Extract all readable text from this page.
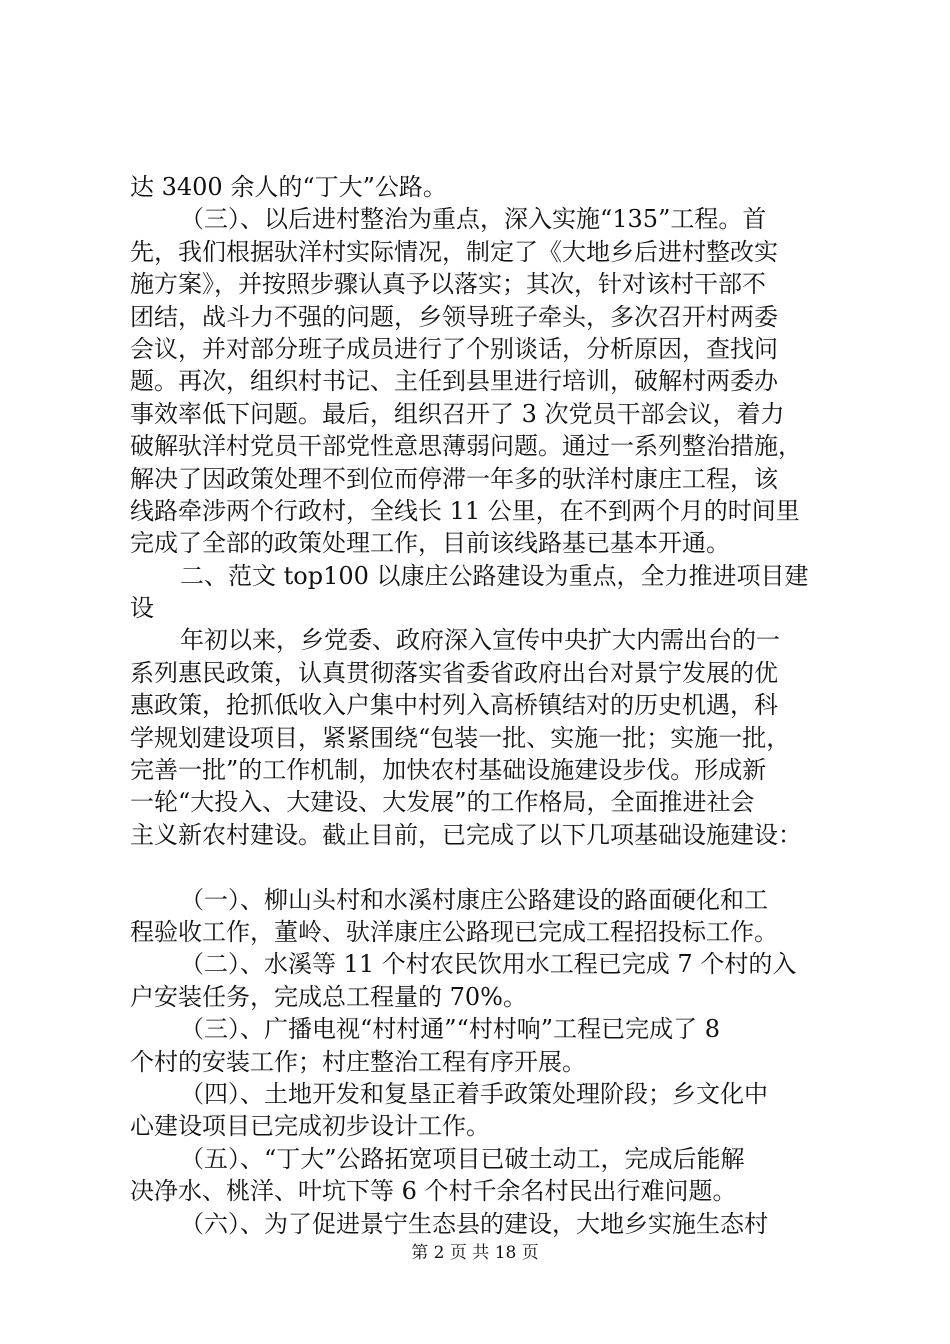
达 3400 余人的“丁大”公路。
（三）、以后进村整治为重点，深入实施“135”工程。首
先，我们根据驮洋村实际情况，制定了《大地乡后进村整改实
施方案》，并按照步骤认真予以落实；其次，针对该村干部不
团结，战斗力不强的问题，乡领导班子牵头，多次召开村两委
会议，并对部分班子成员进行了个别谈话，分析原因，查找问
题。再次，组织村书记、主任到县里进行培训，破解村两委办
事效率低下问题。最后，组织召开了 3 次党员干部会议，着力
破解驮洋村党员干部党性意思薄弱问题。通过一系列整治措施，
解决了因政策处理不到位而停滞一年多的驮洋村康庄工程，该
线路牵涉两个行政村，全线长 11 公里，在不到两个月的时间里
完成了全部的政策处理工作，目前该线路基已基本开通。
二、范文 top100 以康庄公路建设为重点，全力推进项目建
设
年初以来，乡党委、政府深入宣传中央扩大内需出台的一
系列惠民政策，认真贯彻落实省委省政府出台对景宁发展的优
惠政策，抢抓低收入户集中村列入高桥镇结对的历史机遇，科
学规划建设项目，紧紧围绕“包装一批、实施一批；实施一批，
完善一批”的工作机制，加快农村基础设施建设步伐。形成新
一轮“大投入、大建设、大发展”的工作格局，全面推进社会
主义新农村建设。截止目前，已完成了以下几项基础设施建设：
（一）、柳山头村和水溪村康庄公路建设的路面硬化和工
程验收工作，董岭、驮洋康庄公路现已完成工程招投标工作。
（二）、水溪等 11 个村农民饮用水工程已完成 7 个村的入
户安装任务，完成总工程量的 70%。
（三）、广播电视“村村通”“村村响”工程已完成了 8
个村的安装工作；村庄整治工程有序开展。
（四）、土地开发和复垦正着手政策处理阶段；乡文化中
心建设项目已完成初步设计工作。
（五）、“丁大”公路拓宽项目已破土动工，完成后能解
决净水、桃洋、叶坑下等 6 个村千余名村民出行难问题。
（六）、为了促进景宁生态县的建设，大地乡实施生态村
第 2 页 共 18 页
